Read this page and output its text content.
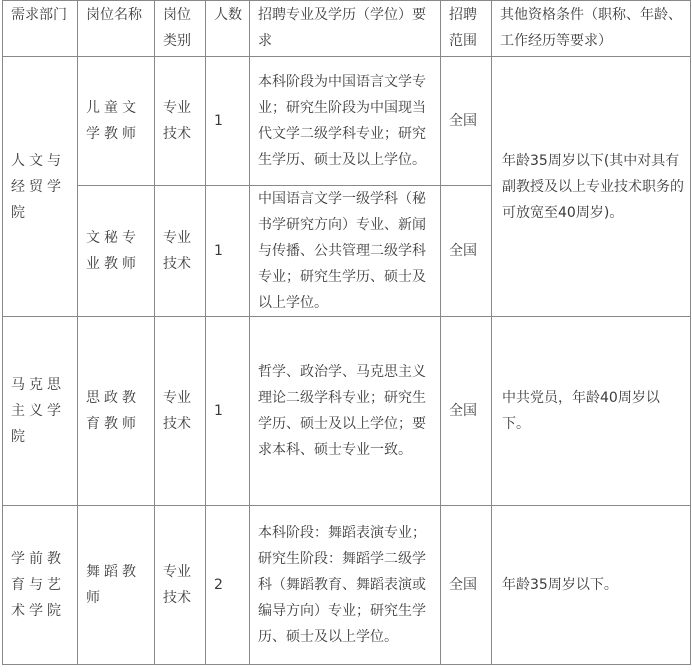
需求部门	岗位名称	岗位类别	人数	招聘专业及学历（学位）要求	招聘范围	其他资格条件（职称、年龄、工作经历等要求）
人文与经贸学院	儿童文学教师	专业技术	1	本科阶段为中国语言文学专业；研究生阶段为中国现当代文学二级学科专业；研究生学历、硕士及以上学位。	全国	年龄35周岁以下(其中对具有副教授及以上专业技术职务的可放宽至40周岁)。
	文秘专业教师	专业技术	1	中国语言文学一级学科（秘书学研究方向）专业、新闻与传播、公共管理二级学科专业；研究生学历、硕士及以上学位。	全国	
马克思主义学院	思政教育教师	专业技术	1	哲学、政治学、马克思主义理论二级学科专业；研究生学历、硕士及以上学位；要求本科、硕士专业一致。	全国	中共党员，年龄40周岁以下。
学前教育与艺术学院	舞蹈教师	专业技术	2	本科阶段：舞蹈表演专业；研究生阶段：舞蹈学二级学科（舞蹈教育、舞蹈表演或编导方向）专业；研究生学历、硕士及以上学位。	全国	年龄35周岁以下。
